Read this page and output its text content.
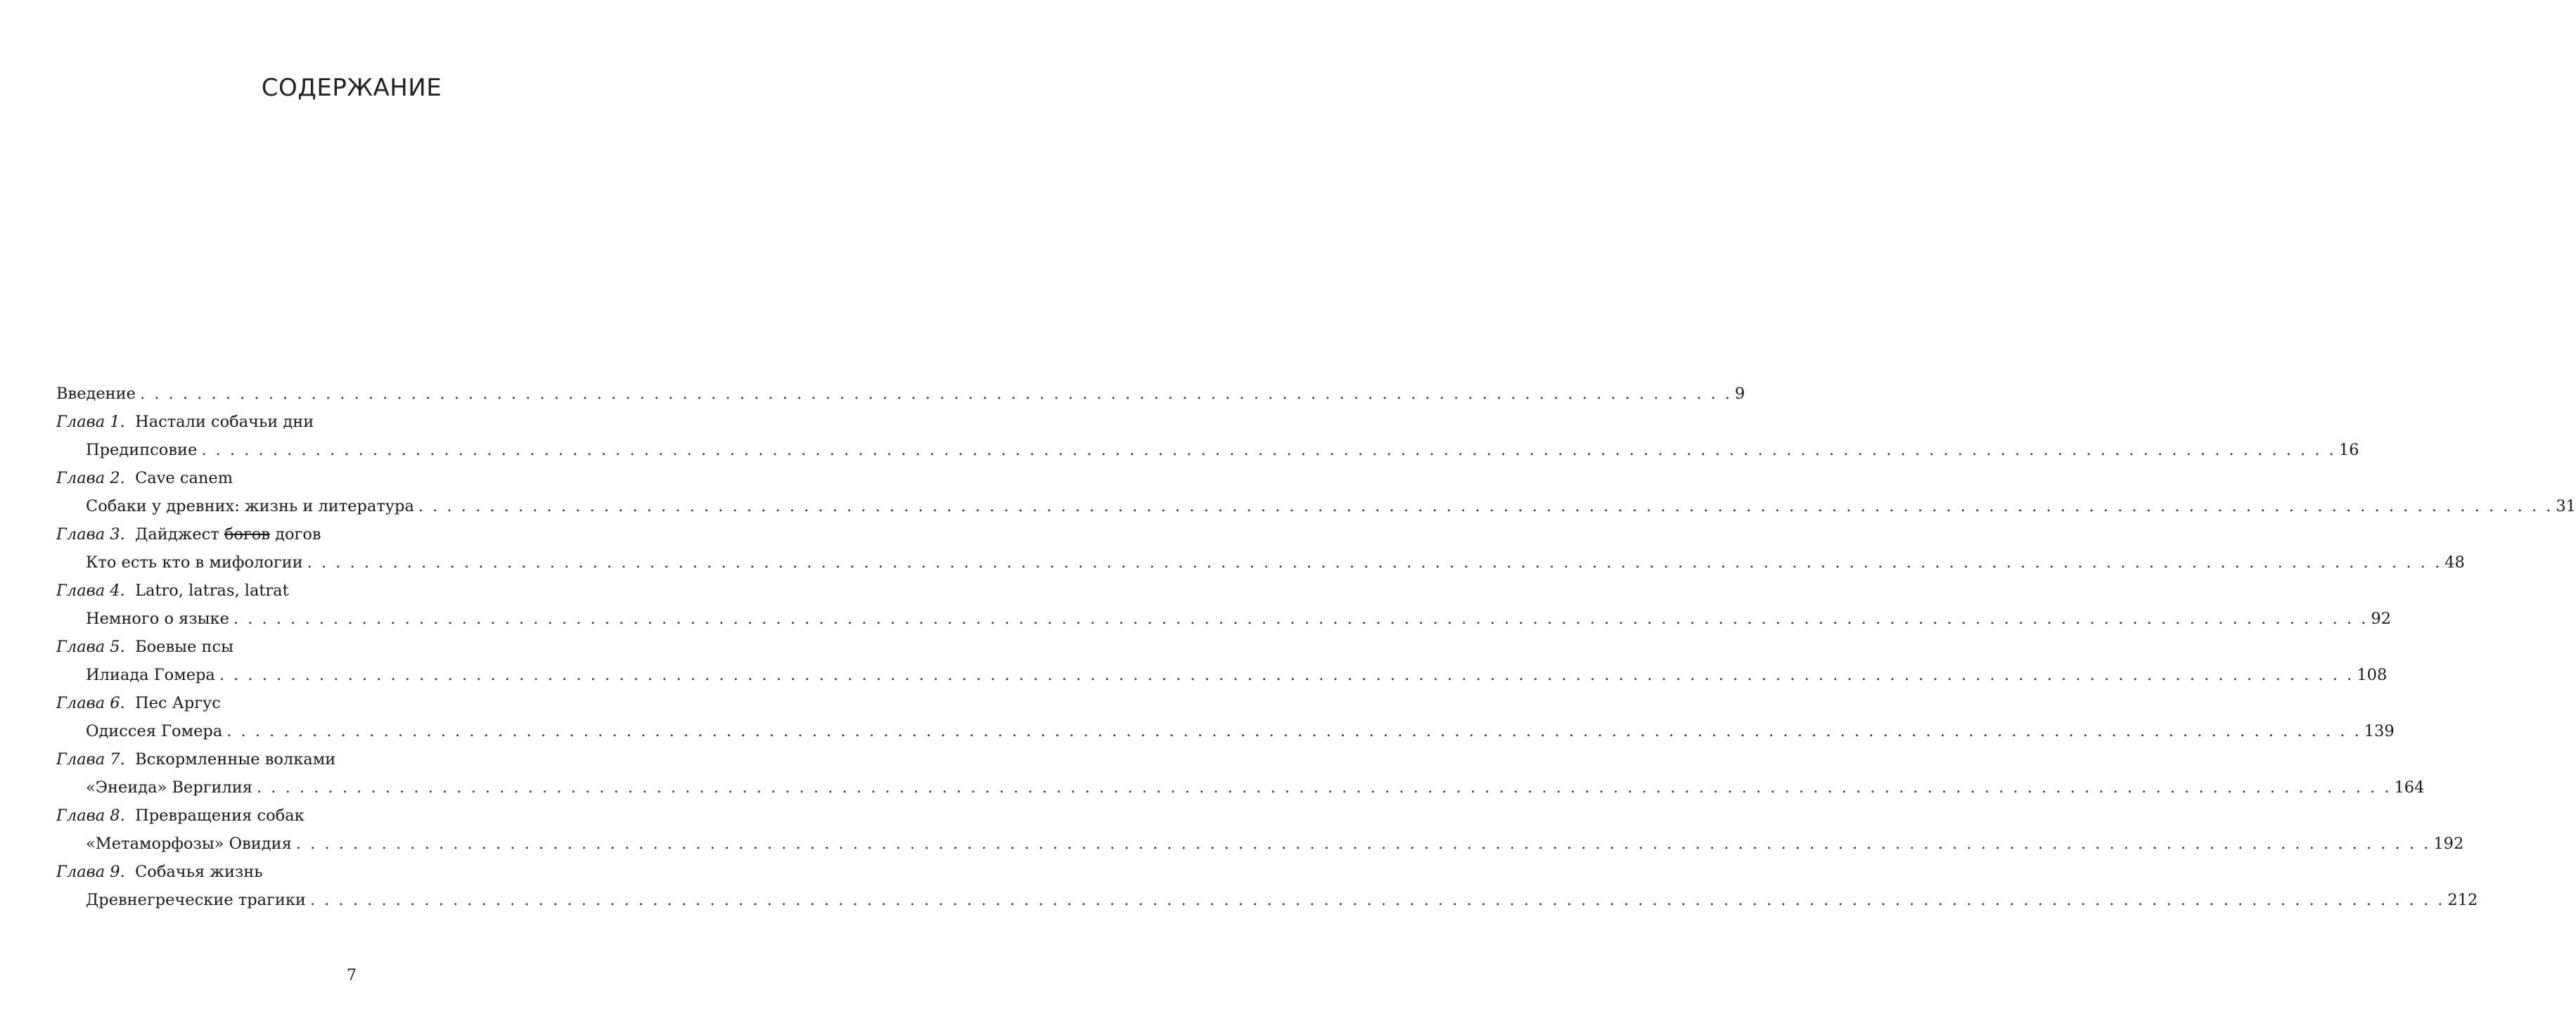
СОДЕРЖАНИЕ
Введение . . . . . . . . . . . . . . . . . . . . . . . . . . . . . . . . . . . . . . . . . . . . . . . . . . . . . . . . . . . . . . . . . . . . . . . . . . . . . . . . . . . . . . . . . . . . . . . . . . . . . . . . . . . . . . . . 9
Глава 1. Настали собачьи дни
Предипсовие . . . . . . . . . . . . . . . . . . . . . . . . . . . . . . . . . . . . . . . . . . . . . . . . . . . . . . . . . . . . . . . . . . . . . . . . . . . . . . . . . . . . . . . . . . . . . . . . . . . . . . . . . . . . . . . . . . . . . . . . . . . . . . . . . . . . . . . . . . . . . . . . . . . . . . 16
Глава 2. Cave canem
Собаки у древних: жизнь и литература . . . . . . . . . . . . . . . . . . . . . . . . . . . . . . . . . . . . . . . . . . . . . . . . . . . . . . . . . . . . . . . . . . . . . . . . . . . . . . . . . . . . . . . . . . . . . . . . . . . . . . . . . . . . . . . . . . . . . . . . . . . . . . . . . . . . . . . . . . . . . . . . . . . . . . 31
Глава 3. Дайджест богов догов
Кто есть кто в мифологии . . . . . . . . . . . . . . . . . . . . . . . . . . . . . . . . . . . . . . . . . . . . . . . . . . . . . . . . . . . . . . . . . . . . . . . . . . . . . . . . . . . . . . . . . . . . . . . . . . . . . . . . . . . . . . . . . . . . . . . . . . . . . . . . . . . . . . . . . . . . . . . . . . . . . . 48
Глава 4. Latro, latras, latrat
Немного о языке . . . . . . . . . . . . . . . . . . . . . . . . . . . . . . . . . . . . . . . . . . . . . . . . . . . . . . . . . . . . . . . . . . . . . . . . . . . . . . . . . . . . . . . . . . . . . . . . . . . . . . . . . . . . . . . . . . . . . . . . . . . . . . . . . . . . . . . . . . . . . . . . . . . . . . 92
Глава 5. Боевые псы
Илиада Гомера . . . . . . . . . . . . . . . . . . . . . . . . . . . . . . . . . . . . . . . . . . . . . . . . . . . . . . . . . . . . . . . . . . . . . . . . . . . . . . . . . . . . . . . . . . . . . . . . . . . . . . . . . . . . . . . . . . . . . . . . . . . . . . . . . . . . . . . . . . . . . . . . . . . . . . 108
Глава 6. Пес Аргус
Одиссея Гомера . . . . . . . . . . . . . . . . . . . . . . . . . . . . . . . . . . . . . . . . . . . . . . . . . . . . . . . . . . . . . . . . . . . . . . . . . . . . . . . . . . . . . . . . . . . . . . . . . . . . . . . . . . . . . . . . . . . . . . . . . . . . . . . . . . . . . . . . . . . . . . . . . . . . . . 139
Глава 7. Вскормленные волками
«Энеида» Вергилия . . . . . . . . . . . . . . . . . . . . . . . . . . . . . . . . . . . . . . . . . . . . . . . . . . . . . . . . . . . . . . . . . . . . . . . . . . . . . . . . . . . . . . . . . . . . . . . . . . . . . . . . . . . . . . . . . . . . . . . . . . . . . . . . . . . . . . . . . . . . . . . . . . . . . . 164
Глава 8. Превращения собак
«Метаморфозы» Овидия . . . . . . . . . . . . . . . . . . . . . . . . . . . . . . . . . . . . . . . . . . . . . . . . . . . . . . . . . . . . . . . . . . . . . . . . . . . . . . . . . . . . . . . . . . . . . . . . . . . . . . . . . . . . . . . . . . . . . . . . . . . . . . . . . . . . . . . . . . . . . . . . . . . . . . 192
Глава 9. Собачья жизнь
Древнегреческие трагики . . . . . . . . . . . . . . . . . . . . . . . . . . . . . . . . . . . . . . . . . . . . . . . . . . . . . . . . . . . . . . . . . . . . . . . . . . . . . . . . . . . . . . . . . . . . . . . . . . . . . . . . . . . . . . . . . . . . . . . . . . . . . . . . . . . . . . . . . . . . . . . . . . . . . . 212
7
